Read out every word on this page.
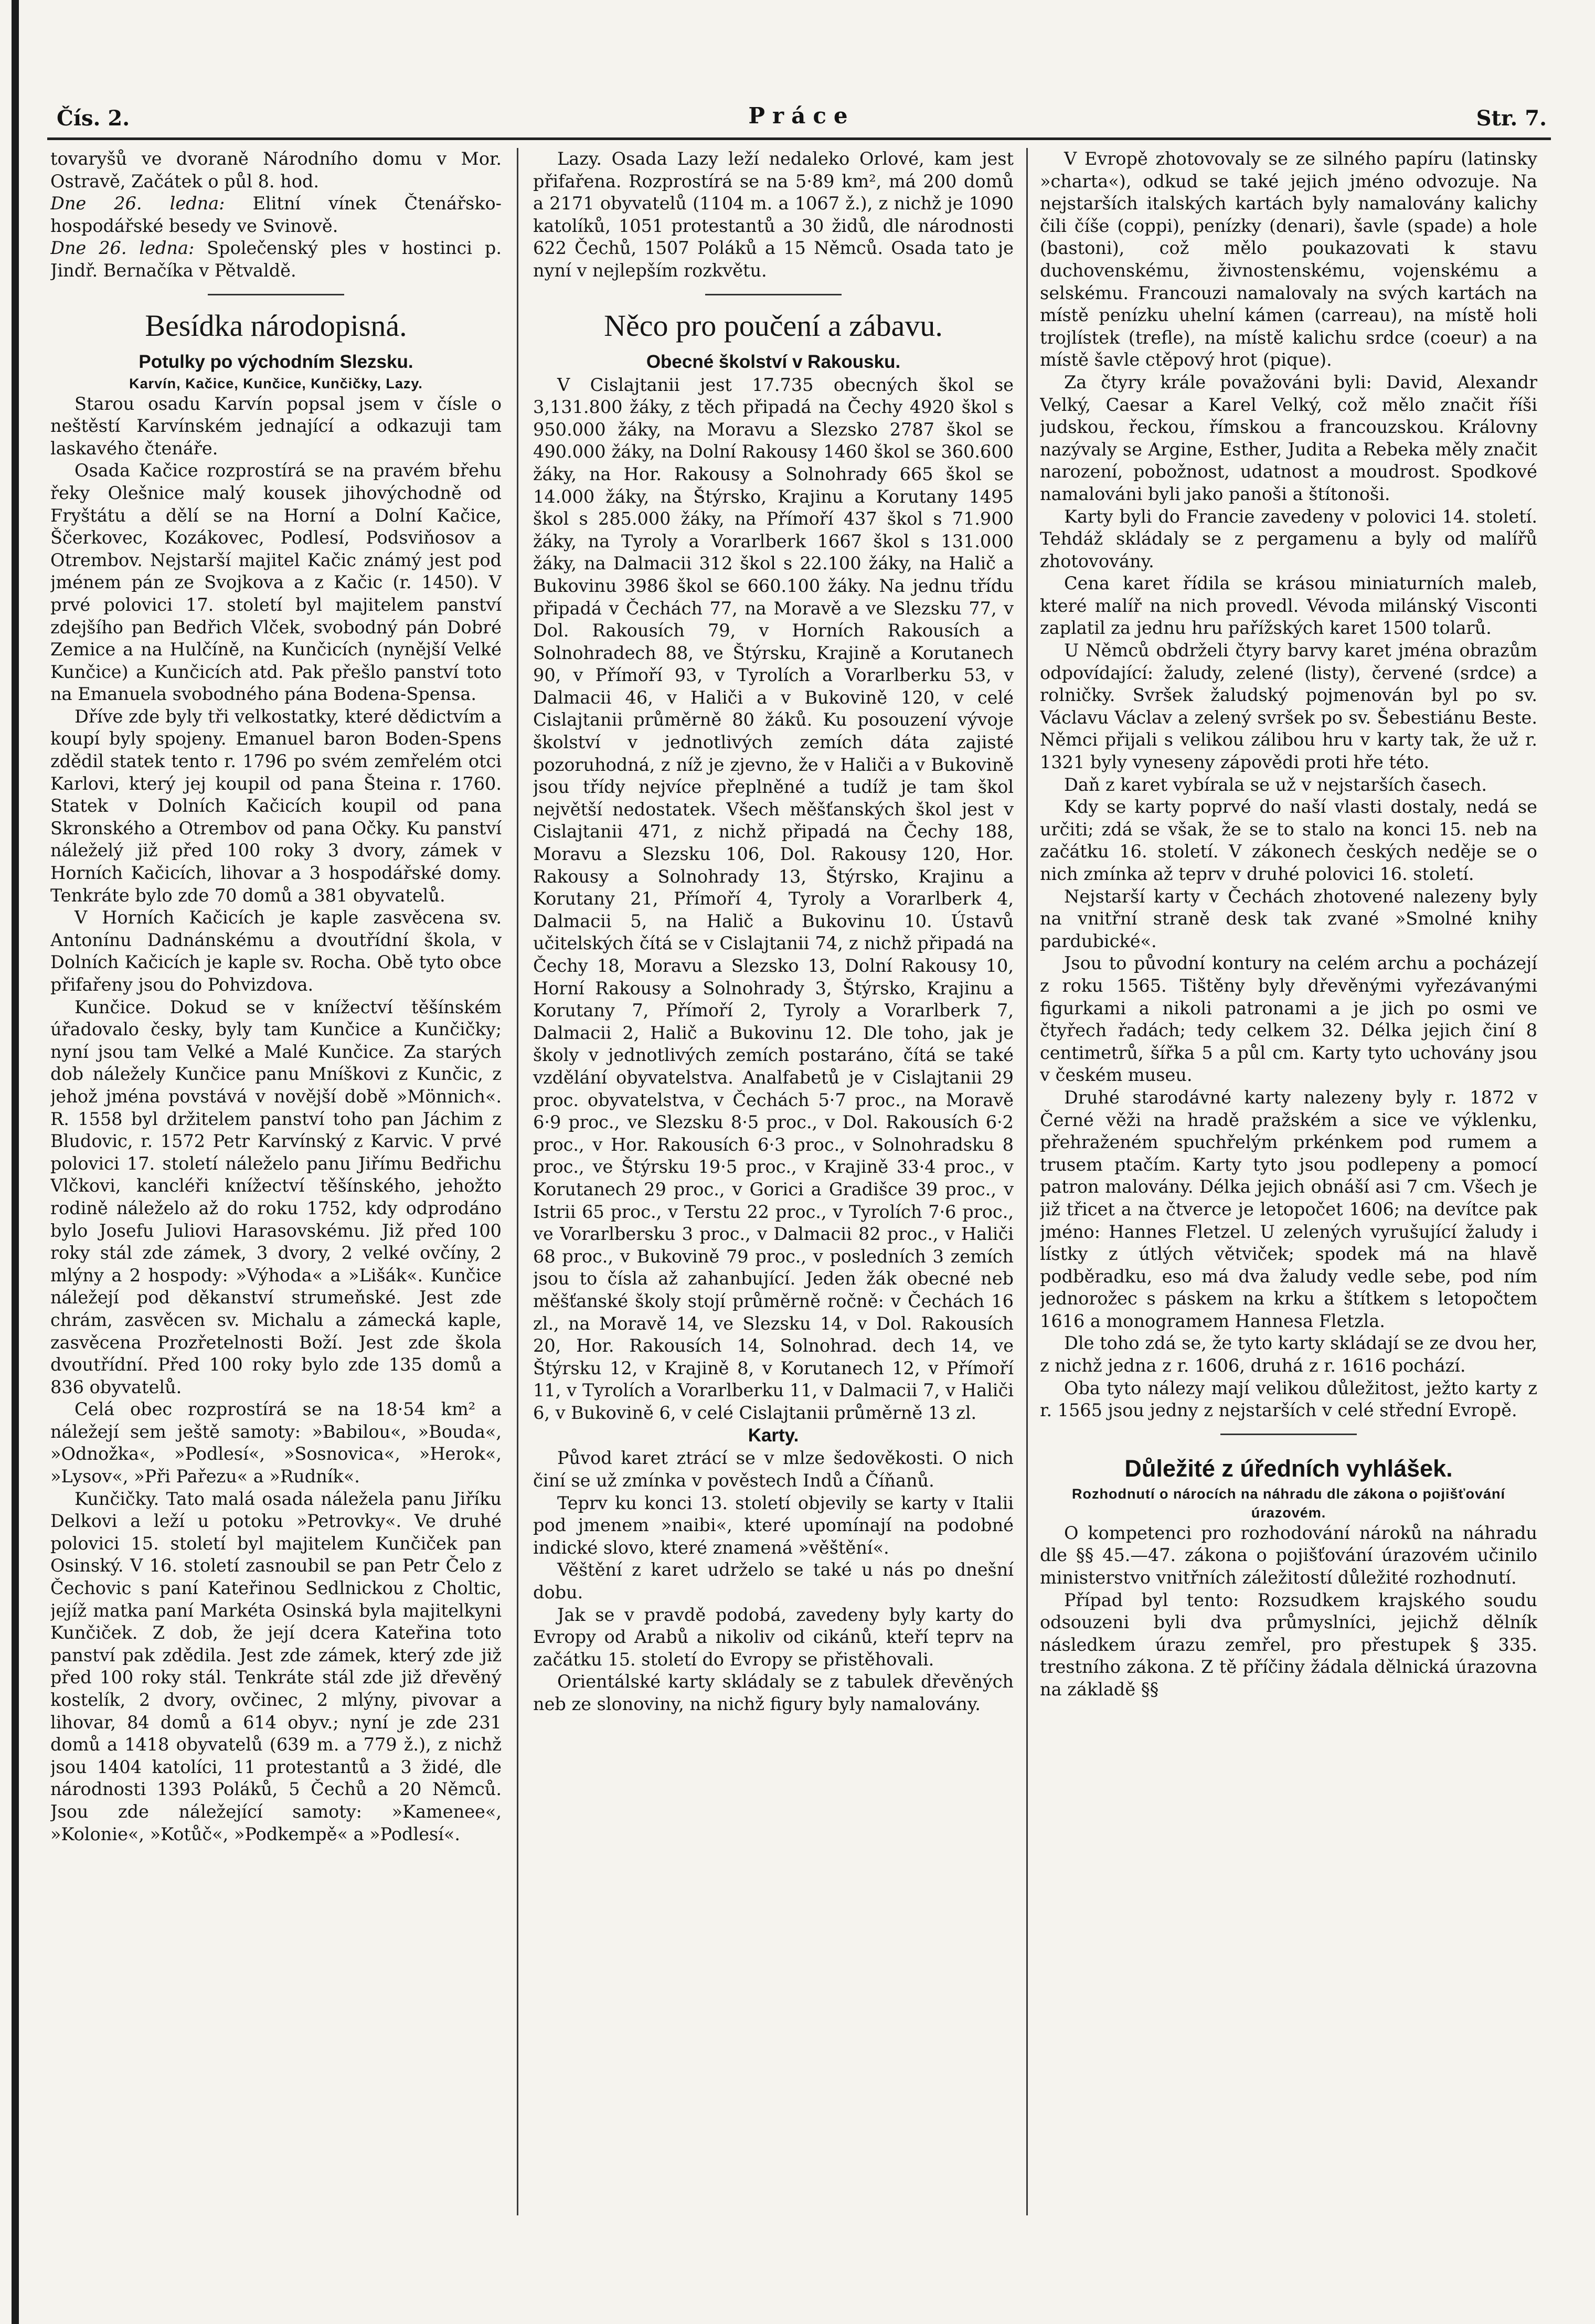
Čís. 2.	Práce	Str. 7.

tovaryšů ve dvoraně Národního domu v Mor. Ostravě, Začátek o půl 8. hod.

Dne 26. ledna: Elitní vínek Čtenářsko-hospodářské besedy ve Svinově.

Dne 26. ledna: Společenský ples v hostinci p. Jindř. Bernačíka v Pětvaldě.

Besídka národopisná.
Potulky po východním Slezsku.
Karvín, Kačice, Kunčice, Kunčičky, Lazy.

Starou osadu Karvín popsal jsem v čísle o neštěstí Karvínském jednající a odkazuji tam laskavého čtenáře.

Osada Kačice rozprostírá se na pravém břehu řeky Olešnice malý kousek jihovýchodně od Fryštátu a dělí se na Horní a Dolní Kačice, Ščerkovec, Kozákovec, Podlesí, Podsviňosov a Otrembov. Nejstarší majitel Kačic známý jest pod jménem pán ze Svojkova a z Kačic (r. 1450). V prvé polovici 17. století byl majitelem panství zdejšího pan Bedřich Vlček, svobodný pán Dobré Zemice a na Hulčíně, na Kunčicích (nynější Velké Kunčice) a Kunčicích atd. Pak přešlo panství toto na Emanuela svobodného pána Bodena-Spensa.

Dříve zde byly tři velkostatky, které dědictvím a koupí byly spojeny. Emanuel baron Boden-Spens zdědil statek tento r. 1796 po svém zemřelém otci Karlovi, který jej koupil od pana Šteina r. 1760. Statek v Dolních Kačicích koupil od pana Skronského a Otrembov od pana Očky. Ku panství náleželý již před 100 roky 3 dvory, zámek v Horních Kačicích, lihovar a 3 hospodářské domy. Tenkráte bylo zde 70 domů a 381 obyvatelů.

V Horních Kačicích je kaple zasvěcena sv. Antonínu Dadnánskému a dvoutřídní škola, v Dolních Kačicích je kaple sv. Rocha. Obě tyto obce přifařeny jsou do Pohvizdova.

Kunčice. Dokud se v knížectví těšínském úřadovalo česky, byly tam Kunčice a Kunčičky; nyní jsou tam Velké a Malé Kunčice. Za starých dob náležely Kunčice panu Mníškovi z Kunčic, z jehož jména povstává v novější době »Mönnich«. R. 1558 byl držitelem panství toho pan Jáchim z Bludovic, r. 1572 Petr Karvínský z Karvic. V prvé polovici 17. století náleželo panu Jiřímu Bedřichu Vlčkovi, kancléři knížectví těšínského, jehožto rodině náleželo až do roku 1752, kdy odprodáno bylo Josefu Juliovi Harasovskému. Již před 100 roky stál zde zámek, 3 dvory, 2 velké ovčíny, 2 mlýny a 2 hospody: »Výhoda« a »Lišák«. Kunčice náležejí pod děkanství strumeňské. Jest zde chrám, zasvěcen sv. Michalu a zámecká kaple, zasvěcena Prozřetelnosti Boží. Jest zde škola dvoutřídní. Před 100 roky bylo zde 135 domů a 836 obyvatelů.

Celá obec rozprostírá se na 18·54 km² a náležejí sem ještě samoty: »Babilou«, »Bouda«, »Odnožka«, »Podlesí«, »Sosnovica«, »Herok«, »Lysov«, »Při Pařezu« a »Rudník«.

Kunčičky. Tato malá osada náležela panu Jiříku Delkovi a leží u potoku »Petrovky«. Ve druhé polovici 15. století byl majitelem Kunčiček pan Osinský. V 16. století zasnoubil se pan Petr Čelo z Čechovic s paní Kateřinou Sedlnickou z Choltic, jejíž matka paní Markéta Osinská byla majitelkyni Kunčiček. Z dob, že její dcera Kateřina toto panství pak zdědila. Jest zde zámek, který zde již před 100 roky stál. Tenkráte stál zde již dřevěný kostelík, 2 dvory, ovčinec, 2 mlýny, pivovar a lihovar, 84 domů a 614 obyv.; nyní je zde 231 domů a 1418 obyvatelů (639 m. a 779 ž.), z nichž jsou 1404 katolíci, 11 protestantů a 3 židé, dle národnosti 1393 Poláků, 5 Čechů a 20 Němců. Jsou zde náležející samoty: »Kamenee«, »Kolonie«, »Kotůč«, »Podkempě« a »Podlesí«.

Lazy. Osada Lazy leží nedaleko Orlové, kam jest přifařena. Rozprostírá se na 5·89 km², má 200 domů a 2171 obyvatelů (1104 m. a 1067 ž.), z nichž je 1090 katolíků, 1051 protestantů a 30 židů, dle národnosti 622 Čechů, 1507 Poláků a 15 Němců. Osada tato je nyní v nejlepším rozkvětu.

Něco pro poučení a zábavu.
Obecné školství v Rakousku.

V Cislajtanii jest 17.735 obecných škol se 3,131.800 žáky, z těch připadá na Čechy 4920 škol s 950.000 žáky, na Moravu a Slezsko 2787 škol se 490.000 žáky, na Dolní Rakousy 1460 škol se 360.600 žáky, na Hor. Rakousy a Solnohrady 665 škol se 14.000 žáky, na Štýrsko, Krajinu a Korutany 1495 škol s 285.000 žáky, na Přímoří 437 škol s 71.900 žáky, na Tyroly a Vorarlberk 1667 škol s 131.000 žáky, na Dalmacii 312 škol s 22.100 žáky, na Halič a Bukovinu 3986 škol se 660.100 žáky. Na jednu třídu připadá v Čechách 77, na Moravě a ve Slezsku 77, v Dol. Rakousích 79, v Horních Rakousích a Solnohradech 88, ve Štýrsku, Krajině a Korutanech 90, v Přímoří 93, v Tyrolích a Vorarlberku 53, v Dalmacii 46, v Haliči a v Bukovině 120, v celé Cislajtanii průměrně 80 žáků. Ku posouzení vývoje školství v jednotlivých zemích dáta zajisté pozoruhodná, z níž je zjevno, že v Haliči a v Bukovině jsou třídy nejvíce přeplněné a tudíž je tam škol největší nedostatek. Všech měšťanských škol jest v Cislajtanii 471, z nichž připadá na Čechy 188, Moravu a Slezsku 106, Dol. Rakousy 120, Hor. Rakousy a Solnohrady 13, Štýrsko, Krajinu a Korutany 21, Přímoří 4, Tyroly a Vorarlberk 4, Dalmacii 5, na Halič a Bukovinu 10. Ústavů učitelských čítá se v Cislajtanii 74, z nichž připadá na Čechy 18, Moravu a Slezsko 13, Dolní Rakousy 10, Horní Rakousy a Solnohrady 3, Štýrsko, Krajinu a Korutany 7, Přímoří 2, Tyroly a Vorarlberk 7, Dalmacii 2, Halič a Bukovinu 12. Dle toho, jak je školy v jednotlivých zemích postaráno, čítá se také vzdělání obyvatelstva. Analfabetů je v Cislajtanii 29 proc. obyvatelstva, v Čechách 5·7 proc., na Moravě 6·9 proc., ve Slezsku 8·5 proc., v Dol. Rakousích 6·2 proc., v Hor. Rakousích 6·3 proc., v Solnohradsku 8 proc., ve Štýrsku 19·5 proc., v Krajině 33·4 proc., v Korutanech 29 proc., v Gorici a Gradišce 39 proc., v Istrii 65 proc., v Terstu 22 proc., v Tyrolích 7·6 proc., ve Vorarlbersku 3 proc., v Dalmacii 82 proc., v Haliči 68 proc., v Bukovině 79 proc., v posledních 3 zemích jsou to čísla až zahanbující. Jeden žák obecné neb měšťanské školy stojí průměrně ročně: v Čechách 16 zl., na Moravě 14, ve Slezsku 14, v Dol. Rakousích 20, Hor. Rakousích 14, Solnohrad. dech 14, ve Štýrsku 12, v Krajině 8, v Korutanech 12, v Přímoří 11, v Tyrolích a Vorarlberku 11, v Dalmacii 7, v Haliči 6, v Bukovině 6, v celé Cislajtanii průměrně 13 zl.

Karty.

Původ karet ztrácí se v mlze šedověkosti. O nich činí se už zmínka v pověstech Indů a Číňanů.

Teprv ku konci 13. století objevily se karty v Italii pod jmenem »naibi«, které upomínají na podobné indické slovo, které znamená »věštění«.

Věštění z karet udrželo se také u nás po dnešní dobu.

Jak se v pravdě podobá, zavedeny byly karty do Evropy od Arabů a nikoliv od cikánů, kteří teprv na začátku 15. století do Evropy se přistěhovali.

Orientálské karty skládaly se z tabulek dřevěných neb ze slonoviny, na nichž figury byly namalovány.

V Evropě zhotovovaly se ze silného papíru (latinsky »charta«), odkud se také jejich jméno odvozuje. Na nejstarších italských kartách byly namalovány kalichy čili číše (coppi), penízky (denari), šavle (spade) a hole (bastoni), což mělo poukazovati k stavu duchovenskému, živnostenskému, vojenskému a selskému. Francouzi namalovaly na svých kartách na místě penízku uhelní kámen (carreau), na místě holi trojlístek (trefle), na místě kalichu srdce (coeur) a na místě šavle ctěpový hrot (pique).

Za čtyry krále považováni byli: David, Alexandr Velký, Caesar a Karel Velký, což mělo značit říši judskou, řeckou, římskou a francouzskou. Královny nazývaly se Argine, Esther, Judita a Rebeka měly značit narození, pobožnost, udatnost a moudrost. Spodkové namalováni byli jako panoši a štítonoši.

Karty byli do Francie zavedeny v polovici 14. století. Tehdáž skládaly se z pergamenu a byly od malířů zhotovovány.

Cena karet řídila se krásou miniaturních maleb, které malíř na nich provedl. Vévoda milánský Visconti zaplatil za jednu hru pařížských karet 1500 tolarů.

U Němců obdrželi čtyry barvy karet jména obrazům odpovídající: žaludy, zelené (listy), červené (srdce) a rolničky. Svršek žaludský pojmenován byl po sv. Václavu Václav a zelený svršek po sv. Šebestiánu Beste. Němci přijali s velikou zálibou hru v karty tak, že už r. 1321 byly vyneseny zápovědi proti hře této.

Daň z karet vybírala se už v nejstarších časech.

Kdy se karty poprvé do naší vlasti dostaly, nedá se určiti; zdá se však, že se to stalo na konci 15. neb na začátku 16. století. V zákonech českých neděje se o nich zmínka až teprv v druhé polovici 16. století.

Nejstarší karty v Čechách zhotovené nalezeny byly na vnitřní straně desk tak zvané »Smolné knihy pardubické«.

Jsou to původní kontury na celém archu a pocházejí z roku 1565. Tištěny byly dřevěnými vyřezávanými figurkami a nikoli patronami a je jich po osmi ve čtyřech řadách; tedy celkem 32. Délka jejich činí 8 centimetrů, šířka 5 a půl cm. Karty tyto uchovány jsou v českém museu.

Druhé starodávné karty nalezeny byly r. 1872 v Černé věži na hradě pražském a sice ve výklenku, přehraženém spuchřelým prkénkem pod rumem a trusem ptačím. Karty tyto jsou podlepeny a pomocí patron malovány. Délka jejich obnáší asi 7 cm. Všech je již třicet a na čtverce je letopočet 1606; na devítce pak jméno: Hannes Fletzel. U zelených vyrušující žaludy i lístky z útlých větviček; spodek má na hlavě podběradku, eso má dva žaludy vedle sebe, pod ním jednorožec s páskem na krku a štítkem s letopočtem 1616 a monogramem Hannesa Fletzla.

Dle toho zdá se, že tyto karty skládají se ze dvou her, z nichž jedna z r. 1606, druhá z r. 1616 pochází.

Oba tyto nálezy mají velikou důležitost, ježto karty z r. 1565 jsou jedny z nejstarších v celé střední Evropě.

Důležité z úředních vyhlášek.
Rozhodnutí o nárocích na náhradu dle zákona o pojišťování úrazovém.

O kompetenci pro rozhodování nároků na náhradu dle §§ 45.—47. zákona o pojišťování úrazovém učinilo ministerstvo vnitřních záležitostí důležité rozhodnutí.

Případ byl tento: Rozsudkem krajského soudu odsouzeni byli dva průmyslníci, jejichž dělník následkem úrazu zemřel, pro přestupek § 335. trestního zákona. Z tě příčiny žádala dělnická úrazovna na základě §§
